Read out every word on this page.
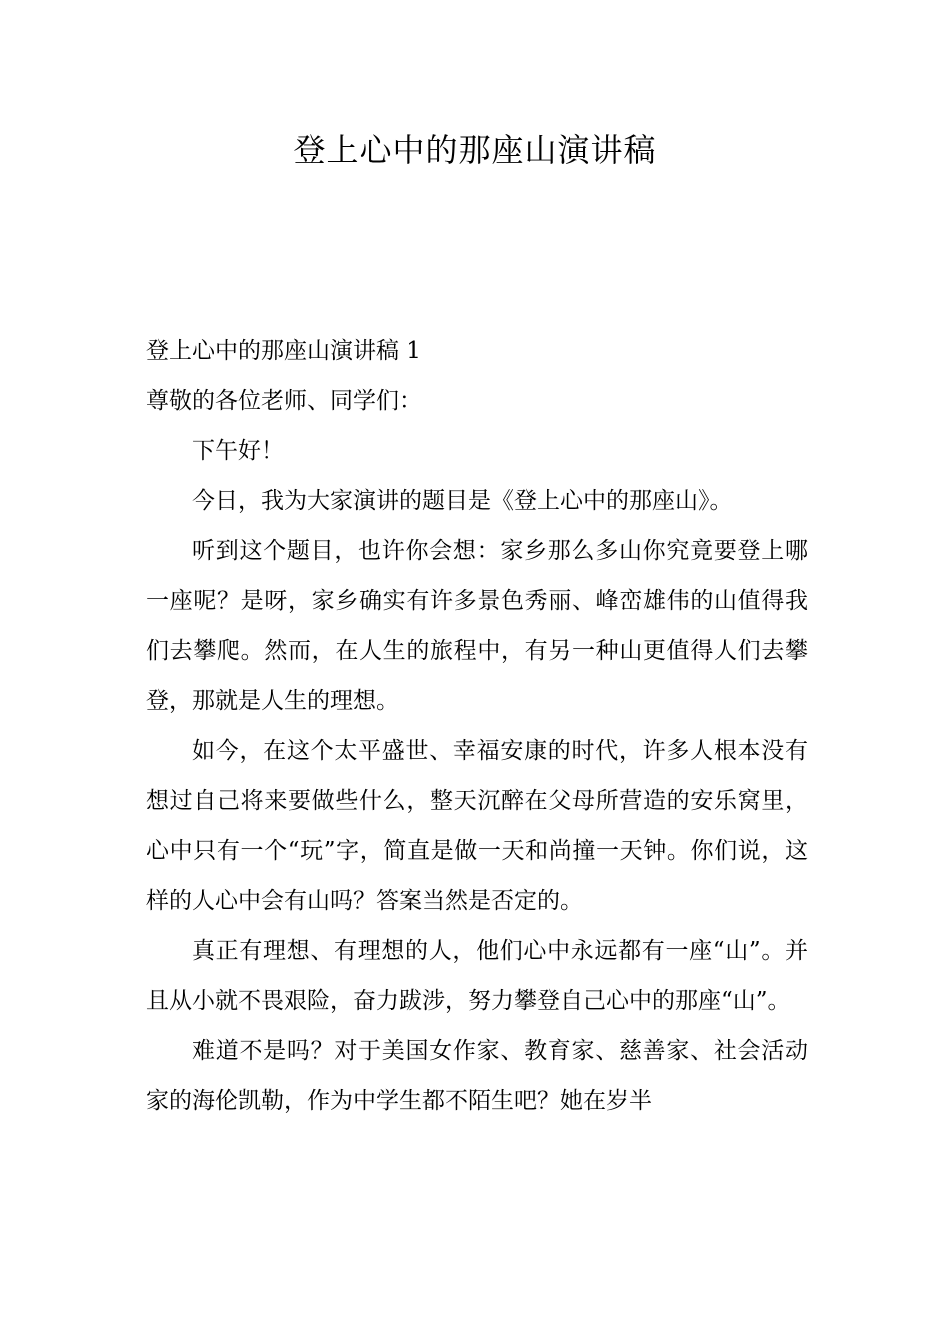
登上心中的那座山演讲稿

登上心中的那座山演讲稿 1

尊敬的各位老师、同学们：

下午好！

今日，我为大家演讲的题目是《登上心中的那座山》。

听到这个题目，也许你会想：家乡那么多山你究竟要登上哪一座呢？是呀，家乡确实有许多景色秀丽、峰峦雄伟的山值得我们去攀爬。然而，在人生的旅程中，有另一种山更值得人们去攀登，那就是人生的理想。

如今，在这个太平盛世、幸福安康的时代，许多人根本没有想过自己将来要做些什么，整天沉醉在父母所营造的安乐窝里，心中只有一个“玩”字，简直是做一天和尚撞一天钟。你们说，这样的人心中会有山吗？答案当然是否定的。

真正有理想、有理想的人，他们心中永远都有一座“山”。并且从小就不畏艰险，奋力跋涉，努力攀登自己心中的那座“山”。

难道不是吗？对于美国女作家、教育家、慈善家、社会活动家的海伦凯勒，作为中学生都不陌生吧？她在岁半
